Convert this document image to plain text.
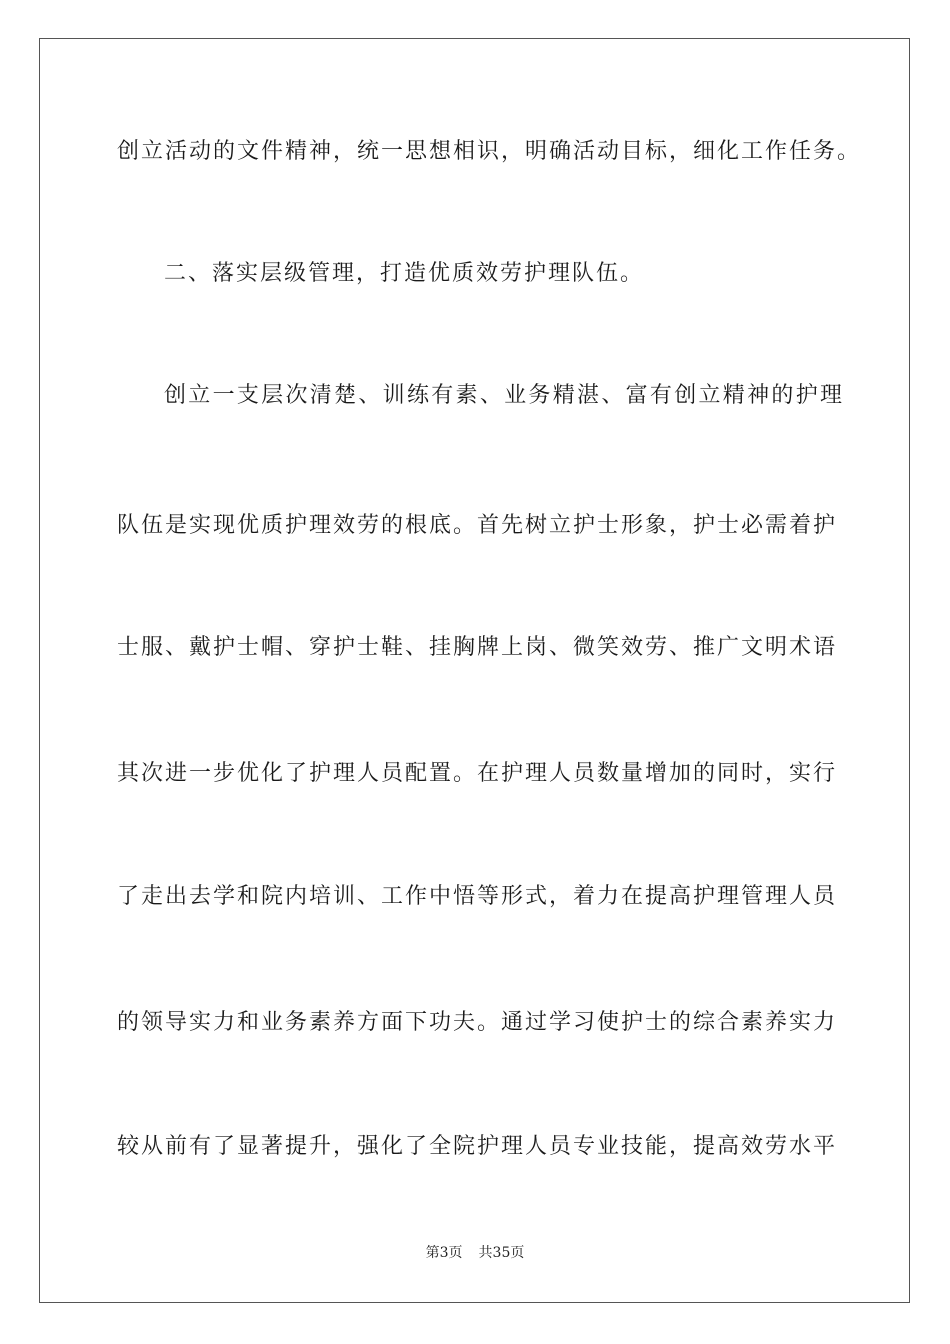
创立活动的文件精神，统一思想相识，明确活动目标，细化工作任务。
二、落实层级管理，打造优质效劳护理队伍。
创立一支层次清楚、训练有素、业务精湛、富有创立精神的护理
队伍是实现优质护理效劳的根底。首先树立护士形象，护士必需着护
士服、戴护士帽、穿护士鞋、挂胸牌上岗、微笑效劳、推广文明术语
其次进一步优化了护理人员配置。在护理人员数量增加的同时，实行
了走出去学和院内培训、工作中悟等形式，着力在提高护理管理人员
的领导实力和业务素养方面下功夫。通过学习使护士的综合素养实力
较从前有了显著提升，强化了全院护理人员专业技能，提高效劳水平
第3页 共35页
